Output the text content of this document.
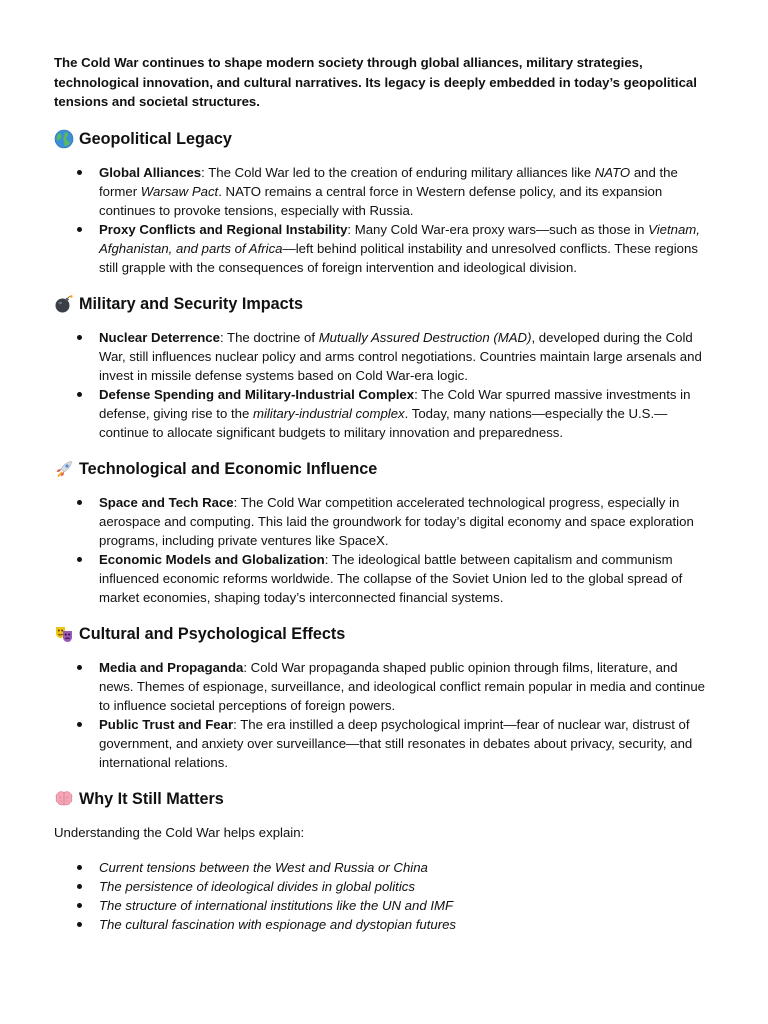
The Cold War continues to shape modern society through global alliances, military strategies, technological innovation, and cultural narratives. Its legacy is deeply embedded in today’s geopolitical tensions and societal structures.

Geopolitical Legacy
Global Alliances: The Cold War led to the creation of enduring military alliances like NATO and the former Warsaw Pact. NATO remains a central force in Western defense policy, and its expansion continues to provoke tensions, especially with Russia.
Proxy Conflicts and Regional Instability: Many Cold War-era proxy wars—such as those in Vietnam, Afghanistan, and parts of Africa—left behind political instability and unresolved conflicts. These regions still grapple with the consequences of foreign intervention and ideological division.
Military and Security Impacts
Nuclear Deterrence: The doctrine of Mutually Assured Destruction (MAD), developed during the Cold War, still influences nuclear policy and arms control negotiations. Countries maintain large arsenals and invest in missile defense systems based on Cold War-era logic.
Defense Spending and Military-Industrial Complex: The Cold War spurred massive investments in defense, giving rise to the military-industrial complex. Today, many nations—especially the U.S.—continue to allocate significant budgets to military innovation and preparedness.
Technological and Economic Influence
Space and Tech Race: The Cold War competition accelerated technological progress, especially in aerospace and computing. This laid the groundwork for today’s digital economy and space exploration programs, including private ventures like SpaceX.
Economic Models and Globalization: The ideological battle between capitalism and communism influenced economic reforms worldwide. The collapse of the Soviet Union led to the global spread of market economies, shaping today’s interconnected financial systems.
Cultural and Psychological Effects
Media and Propaganda: Cold War propaganda shaped public opinion through films, literature, and news. Themes of espionage, surveillance, and ideological conflict remain popular in media and continue to influence societal perceptions of foreign powers.
Public Trust and Fear: The era instilled a deep psychological imprint—fear of nuclear war, distrust of government, and anxiety over surveillance—that still resonates in debates about privacy, security, and international relations.
Why It Still Matters

Understanding the Cold War helps explain:

Current tensions between the West and Russia or China
The persistence of ideological divides in global politics
The structure of international institutions like the UN and IMF
The cultural fascination with espionage and dystopian futures
